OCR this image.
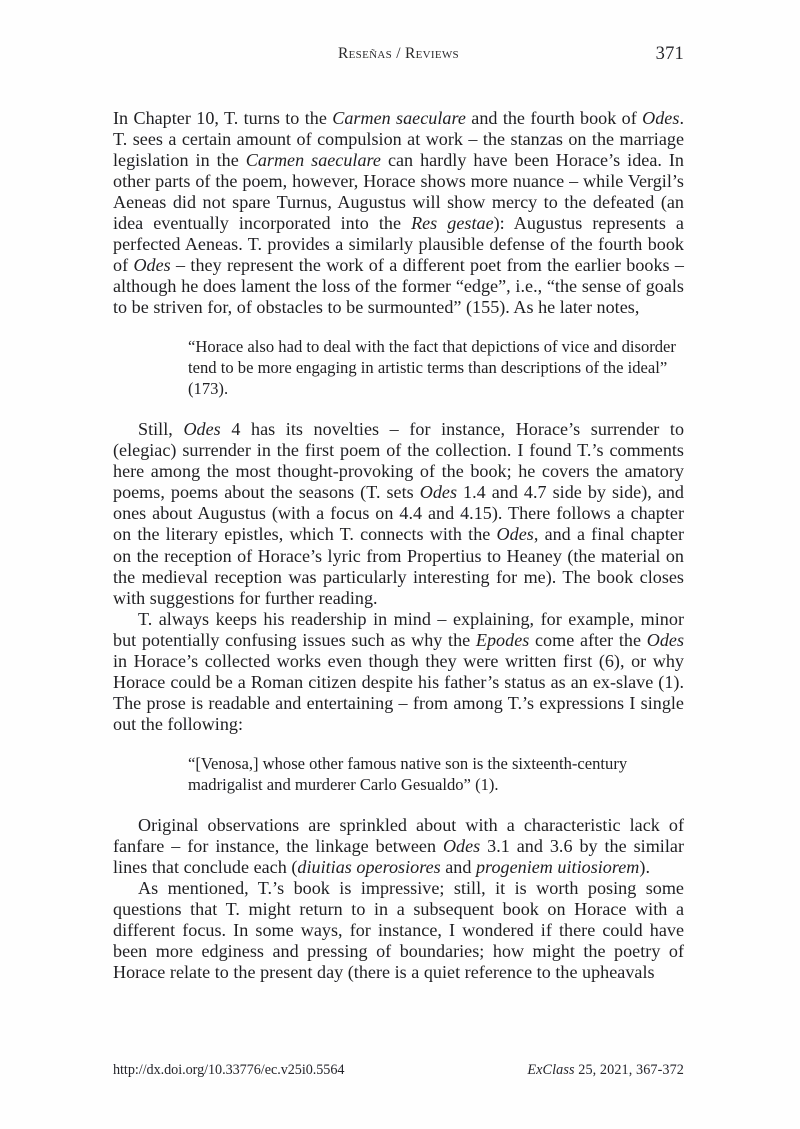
Reseñas / Reviews	371

In Chapter 10, T. turns to the Carmen saeculare and the fourth book of Odes. T. sees a certain amount of compulsion at work – the stanzas on the marriage legislation in the Carmen saeculare can hardly have been Horace’s idea. In other parts of the poem, however, Horace shows more nuance – while Vergil’s Aeneas did not spare Turnus, Augustus will show mercy to the defeated (an idea eventually incorporated into the Res gestae): Augustus represents a perfected Aeneas. T. provides a similarly plausible defense of the fourth book of Odes – they represent the work of a different poet from the earlier books – although he does lament the loss of the former “edge”, i.e., “the sense of goals to be striven for, of obstacles to be surmounted” (155). As he later notes,

“Horace also had to deal with the fact that depictions of vice and disorder tend to be more engaging in artistic terms than descriptions of the ideal” (173).

Still, Odes 4 has its novelties – for instance, Horace’s surrender to (elegiac) surrender in the first poem of the collection. I found T.’s comments here among the most thought-provoking of the book; he covers the amatory poems, poems about the seasons (T. sets Odes 1.4 and 4.7 side by side), and ones about Augustus (with a focus on 4.4 and 4.15). There follows a chapter on the literary epistles, which T. connects with the Odes, and a final chapter on the reception of Horace’s lyric from Propertius to Heaney (the material on the medieval reception was particularly interesting for me). The book closes with suggestions for further reading.

T. always keeps his readership in mind – explaining, for example, minor but potentially confusing issues such as why the Epodes come after the Odes in Horace’s collected works even though they were written first (6), or why Horace could be a Roman citizen despite his father’s status as an ex-slave (1). The prose is readable and entertaining – from among T.’s expressions I single out the following:

“[Venosa,] whose other famous native son is the sixteenth-century madrigalist and murderer Carlo Gesualdo” (1).

Original observations are sprinkled about with a characteristic lack of fanfare – for instance, the linkage between Odes 3.1 and 3.6 by the similar lines that conclude each (diuitias operosiores and progeniem uitiosiorem).

As mentioned, T.’s book is impressive; still, it is worth posing some questions that T. might return to in a subsequent book on Horace with a different focus. In some ways, for instance, I wondered if there could have been more edginess and pressing of boundaries; how might the poetry of Horace relate to the present day (there is a quiet reference to the upheavals

http://dx.doi.org/10.33776/ec.v25i0.5564	ExClass 25, 2021, 367-372
